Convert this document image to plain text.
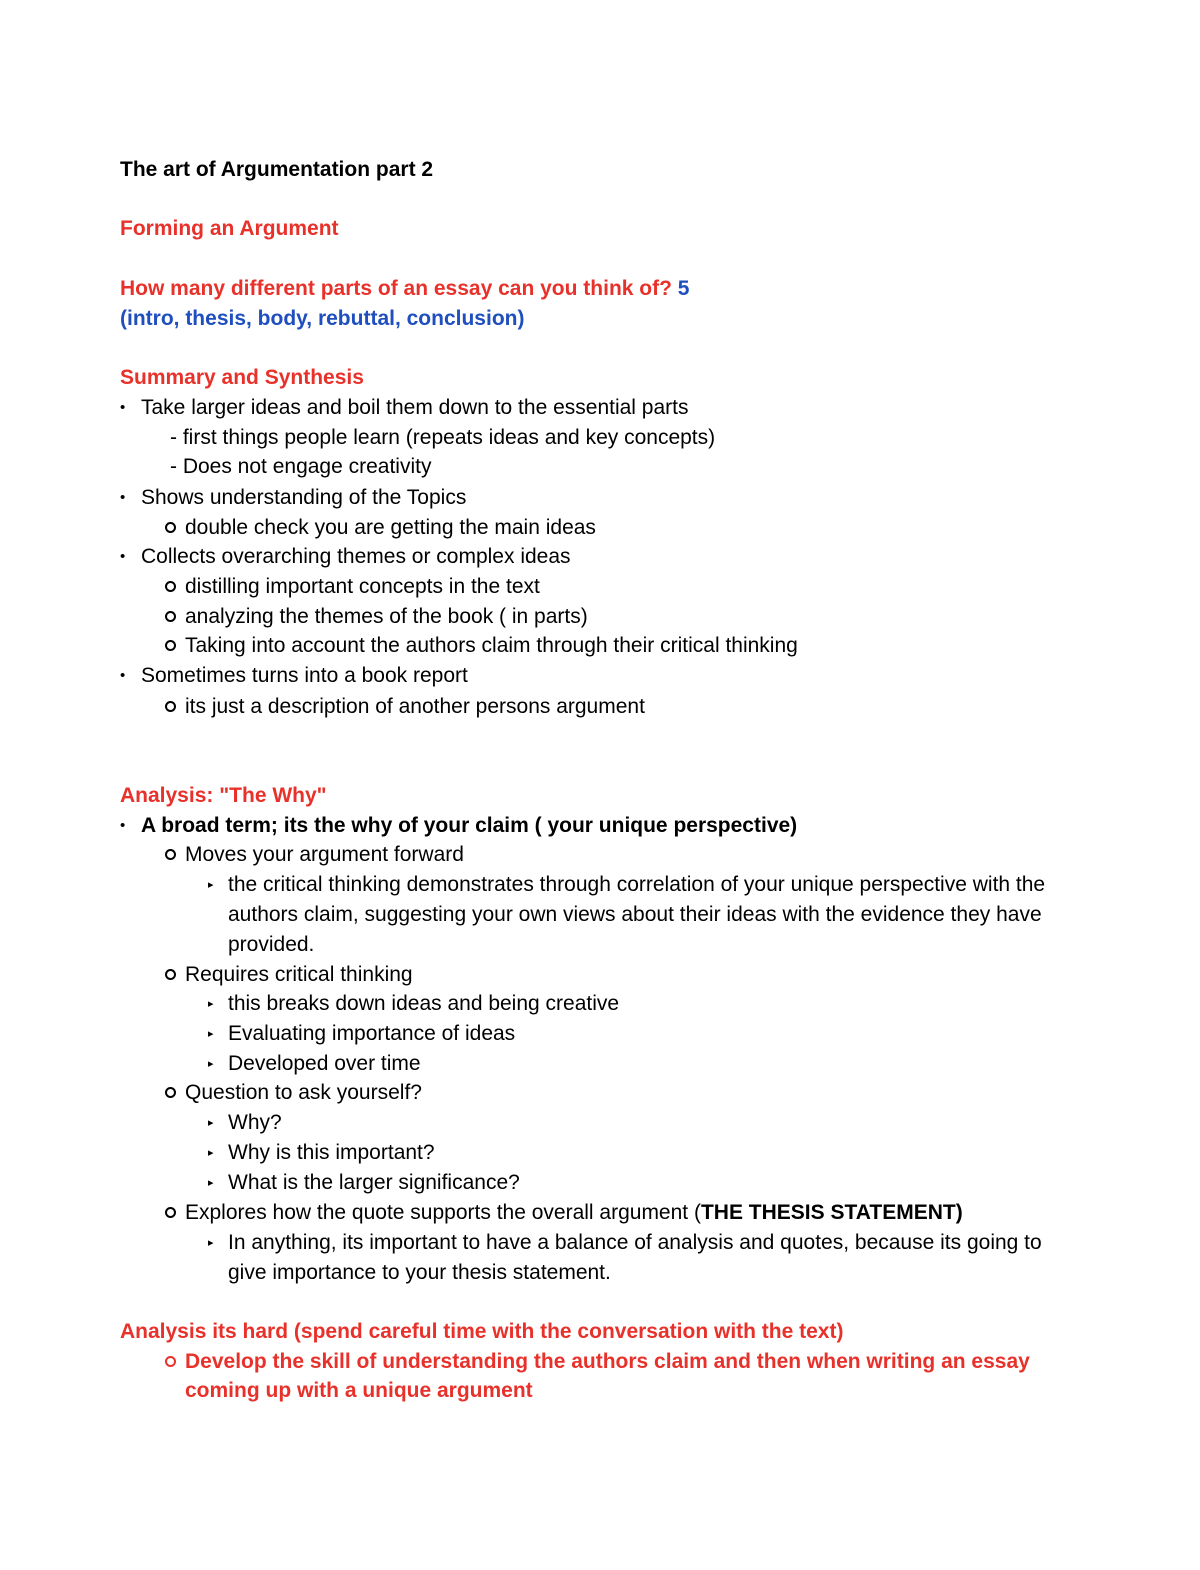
The art of Argumentation part 2
Forming an Argument
How many different parts of an essay can you think of? 5
(intro, thesis, body, rebuttal, conclusion)
Summary and Synthesis
• Take larger ideas and boil them down to the essential parts
- first things people learn (repeats ideas and key concepts)
- Does not engage creativity
• Shows understanding of the Topics
double check you are getting the main ideas
• Collects overarching themes or complex ideas
distilling important concepts in the text
analyzing the themes of the book ( in parts)
Taking into account the authors claim through their critical thinking
• Sometimes turns into a book report
its just a description of another persons argument
Analysis: "The Why"
• A broad term; its the why of your claim ( your unique perspective)
Moves your argument forward
▸ the critical thinking demonstrates through correlation of your unique perspective with the
authors claim, suggesting your own views about their ideas with the evidence they have
provided.
Requires critical thinking
▸ this breaks down ideas and being creative
▸ Evaluating importance of ideas
▸ Developed over time
Question to ask yourself?
▸ Why?
▸ Why is this important?
▸ What is the larger significance?
Explores how the quote supports the overall argument (THE THESIS STATEMENT)
▸ In anything, its important to have a balance of analysis and quotes, because its going to
give importance to your thesis statement.
Analysis its hard (spend careful time with the conversation with the text)
Develop the skill of understanding the authors claim and then when writing an essay
coming up with a unique argument
